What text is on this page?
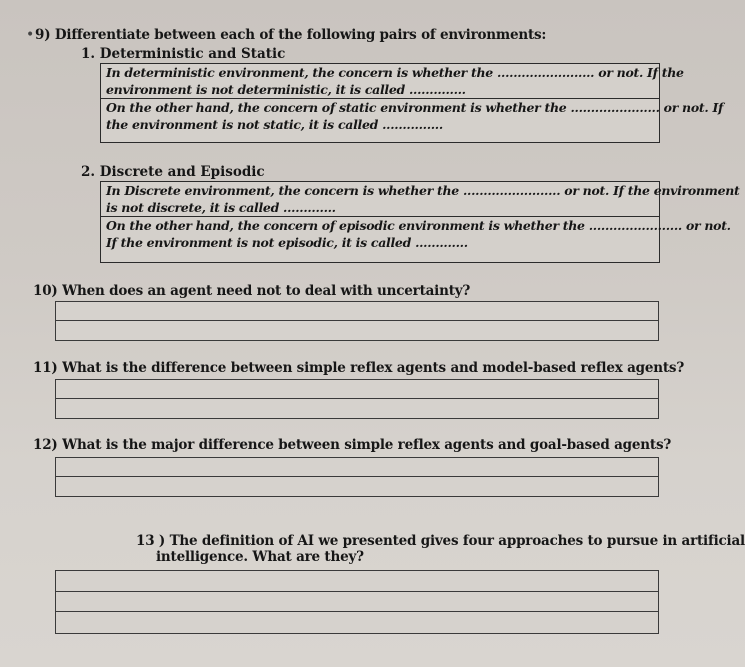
• 9) Differentiate between each of the following pairs of environments:
1. Deterministic and Static
In deterministic environment, the concern is whether the ........................ or not. If the
environment is not deterministic, it is called ..............
On the other hand, the concern of static environment is whether the ...................... or not. If
the environment is not static, it is called ...............
2. Discrete and Episodic
In Discrete environment, the concern is whether the ........................ or not. If the environment
is not discrete, it is called .............
On the other hand, the concern of episodic environment is whether the ....................... or not.
If the environment is not episodic, it is called .............
10) When does an agent need not to deal with uncertainty?
11) What is the difference between simple reflex agents and model-based reflex agents?
12) What is the major difference between simple reflex agents and goal-based agents?
13 ) The definition of AI we presented gives four approaches to pursue in artificial
intelligence. What are they?
